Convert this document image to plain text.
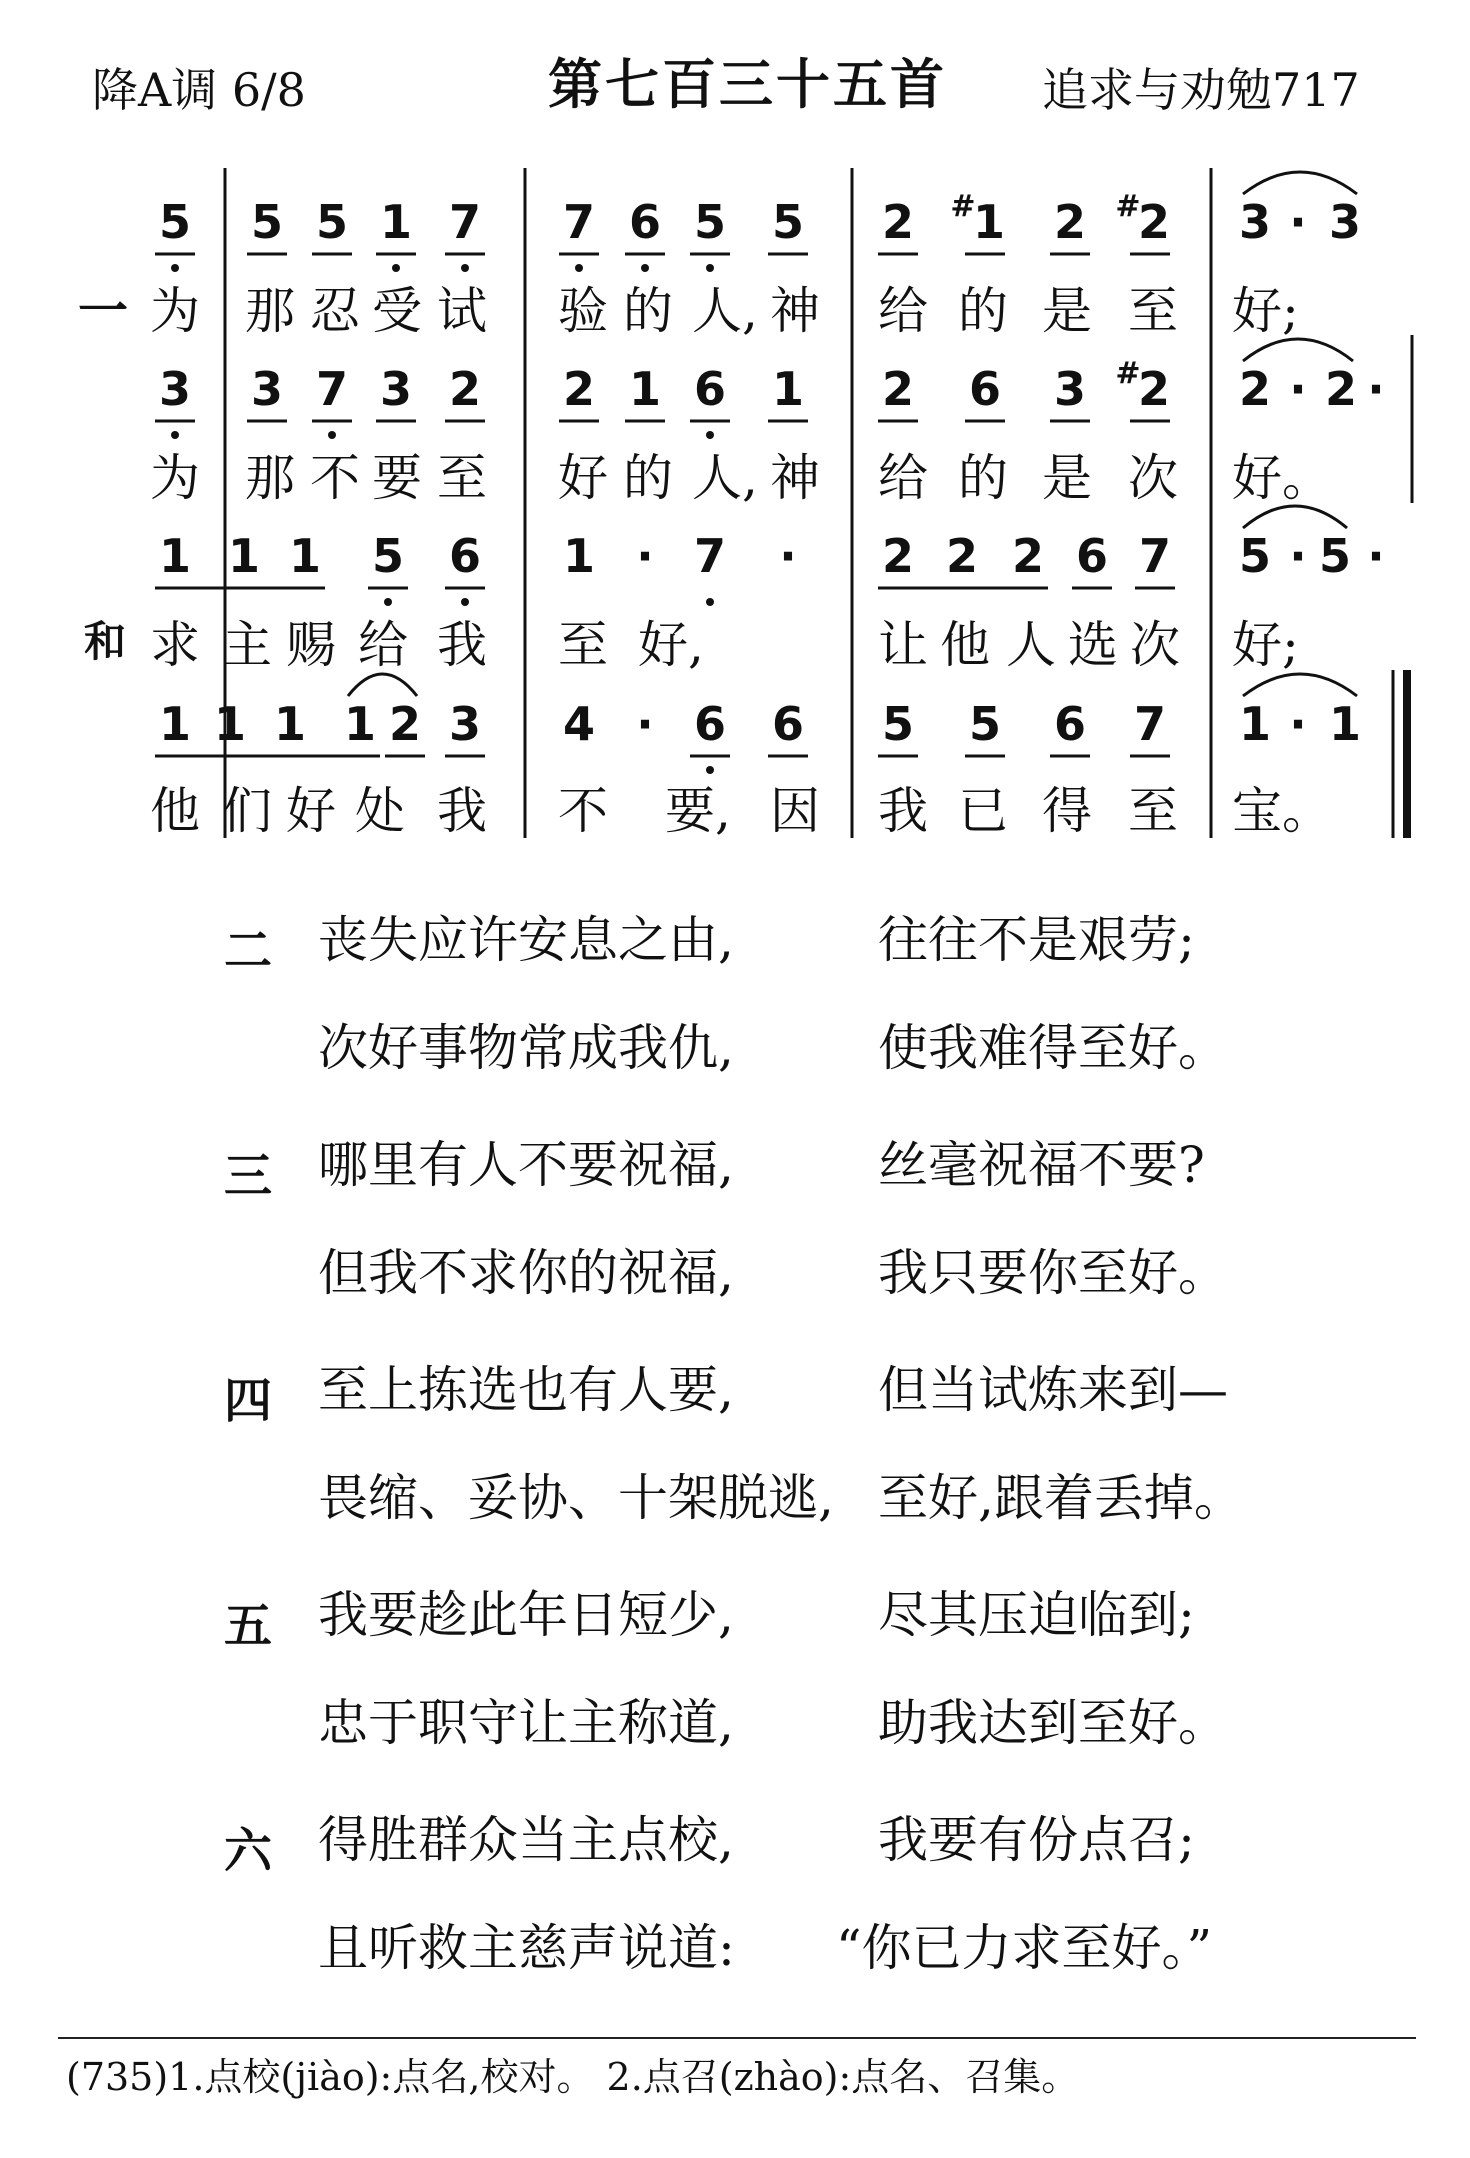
降A调 6/8	第七百三十五首 追求与劝勉717
5 5 5 1 7 7 6 5 5 2 #
1 2 #
2 3 · 3
为 那 忍 受 试 验 的 人, 神 给 的 是 至 好;
3 3 7 3 2 2 1 6 1 2 6 3 #
2 2 · 2 ·
为 那 不 要 至 好 的 人, 神 给 的 是 次 好。
1 1 1 5 6 1 · 7 · 2 2 2 6 7 5 · 5 ·
求 主 赐 给 我 至 好,	让 他 人 选 次 好;
1 1 1 1 2 3 4 · 6 6 5 5 6 7 1 · 1
他 们 好 处 我 不 要, 因 我 已 得 至 宝。
一
和
二 丧失应许安息之由,	往往不是艰劳;
次好事物常成我仇,	使我难得至好。
三 哪里有人不要祝福,	丝毫祝福不要?
但我不求你的祝福,	我只要你至好。
四 至上拣选也有人要,	但当试炼来到—
畏缩、妥协、十架脱逃, 至好,跟着丢掉。
五 我要趁此年日短少,	尽其压迫临到;
忠于职守让主称道,	助我达到至好。
六 得胜群众当主点校,	我要有份点召;
且听救主慈声说道: “你已力求至好。”
(735)1.点校(jiào):点名,校对。 2.点召(zhào):点名、召集。
